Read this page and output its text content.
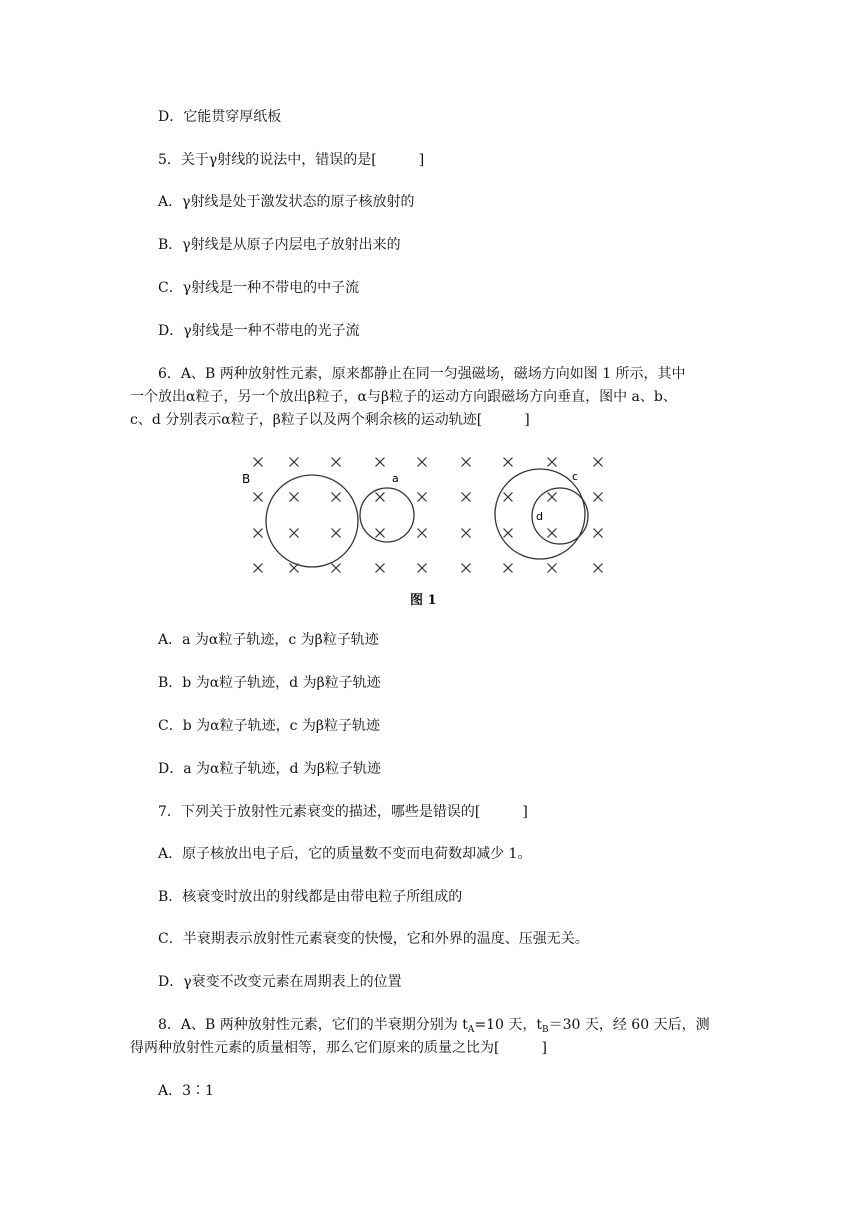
D．它能贯穿厚纸板
5．关于γ射线的说法中，错误的是[　　　]
A．γ射线是处于激发状态的原子核放射的
B．γ射线是从原子内层电子放射出来的
C．γ射线是一种不带电的中子流
D．γ射线是一种不带电的光子流
6．A、B 两种放射性元素，原来都静止在同一匀强磁场，磁场方向如图 1 所示，其中
一个放出α粒子，另一个放出β粒子，α与β粒子的运动方向跟磁场方向垂直，图中 a、b、
c、d 分别表示α粒子，β粒子以及两个剩余核的运动轨迹[　　　]
B	a	c
d
图 1
A．a 为α粒子轨迹，c 为β粒子轨迹
B．b 为α粒子轨迹，d 为β粒子轨迹
C．b 为α粒子轨迹，c 为β粒子轨迹
D．a 为α粒子轨迹，d 为β粒子轨迹
7．下列关于放射性元素衰变的描述，哪些是错误的[　　　]
A．原子核放出电子后，它的质量数不变而电荷数却减少 1。
B．核衰变时放出的射线都是由带电粒子所组成的
C．半衰期表示放射性元素衰变的快慢，它和外界的温度、压强无关。
D．γ衰变不改变元素在周期表上的位置
8．A、B 两种放射性元素，它们的半衰期分别为 $t_A=10$ 天，$t_B=30$ 天，经 60 天后，测
得两种放射性元素的质量相等，那么它们原来的质量之比为[　　　]
A．3∶1
